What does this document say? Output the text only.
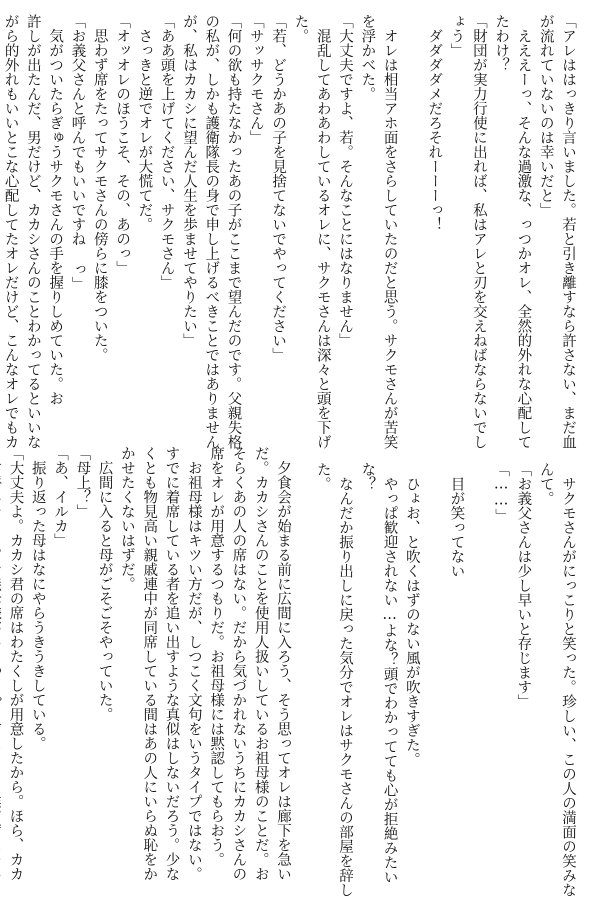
「アレははっきり言いました。若と引き離すなら許さない、まだ血
が流れていないのは幸いだと」
　えええーっ、そんな過激な、っつかオレ、全然的外れな心配して
たわけ？
「財団が実力行使に出れば、私はアレと刃を交えねばならないでし
ょう」
　ダダダダメだろそれーーーっ！
　オレは相当アホ面をさらしていたのだと思う。サクモさんが苦笑
を浮かべた。
「大丈夫ですよ、若。そんなことにはなりません」
　混乱してあわあわしているオレに、サクモさんは深々と頭を下げ
た。
「若、どうかあの子を見捨てないでやってください」
「サッサクモさん」
「何の欲も持たなかったあの子がここまで望んだのです。父親失格
の私が、しかも護衛隊長の身で申し上げるべきことではありません
が、私はカカシに望んだ人生を歩ませてやりたい」
「ああ頭を上げてください、サクモさん」
　さっきと逆でオレが大慌てだ。
「オッオレのほうこそ、その、あのっ」
　思わず席をたってサクモさんの傍らに膝をついた。
「お義父さんと呼んでもいいですね っ」
　気がついたらぎゅうサクモさんの手を握りしめていた。お
許しが出たんだ、男だけど、カカシさんのことわかってるといいな
がら的外れもいいとこな心配してたオレだけど、こんなオレでもカ
　サクモさんがにっこりと笑った。珍しい、この人の満面の笑みな
んて。
「お義父さんは少し早いと存じます」
「……」
　目が笑ってない
　ひょお、と吹くはずのない風が吹きすぎた。
　やっぱ歓迎されない…よな？頭でわかってても心が拒絶みたい
な？
　なんだか振り出しに戻った気分でオレはサクモさんの部屋を辞し
た。
　夕食会が始まる前に広間に入ろう、そう思ってオレは廊下を急い
だ。カカシさんのことを使用人扱いしているお祖母様のことだ。お
そらくあの人の席はない。だから気づかれないうちにカカシさんの
席をオレが用意するつもりだ。お祖母様には黙認してもらおう。
　お祖母様はキツい方だが、しつこく文句をいうタイプではない。
すでに着席している者を追い出すような真似はしないだろう。少な
くとも物見高い親戚連中が同席している間はあの人にいらぬ恥をか
かせたくないはずだ。
　広間に入ると母がごそごそやっていた。
「母上？」
「あ、イルカ」
　振り返った母はなにやらうきうきしている。
「大丈夫よ。カカシ君の席はわたくしが用意したから。ほら、カカ
